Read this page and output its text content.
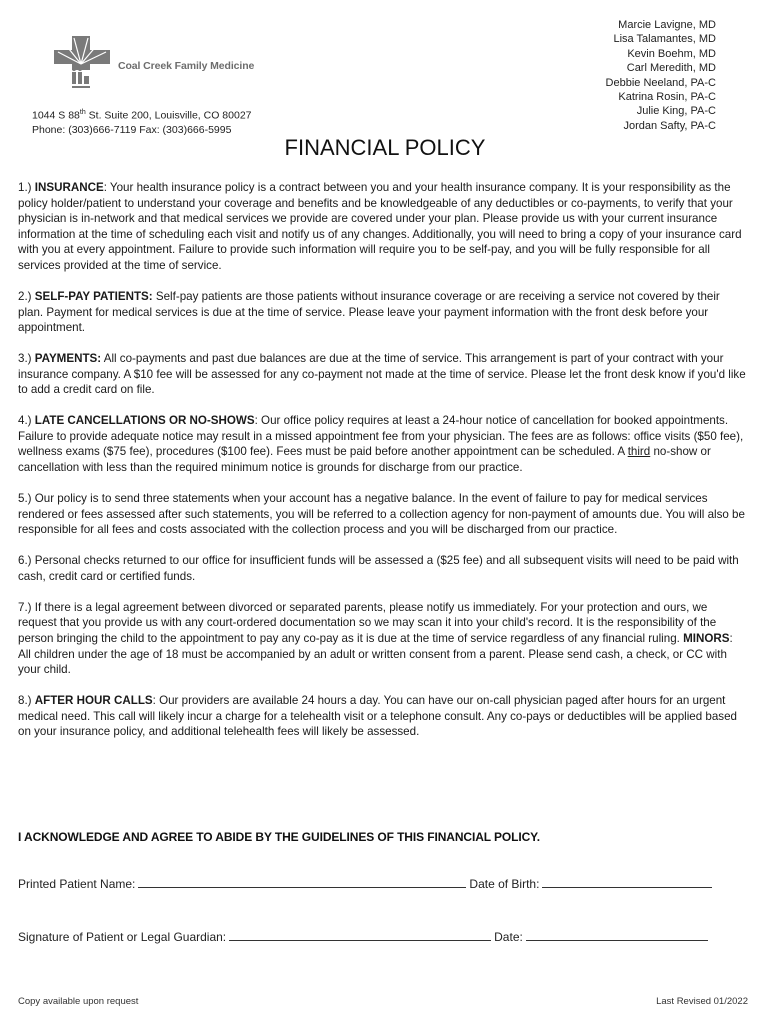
Coal Creek Family Medicine
1044 S 88th St. Suite 200, Louisville, CO 80027
Phone: (303)666-7119 Fax: (303)666-5995
Marcie Lavigne, MD
Lisa Talamantes, MD
Kevin Boehm, MD
Carl Meredith, MD
Debbie Neeland, PA-C
Katrina Rosin, PA-C
Julie King, PA-C
Jordan Safty, PA-C
FINANCIAL POLICY

1.) INSURANCE: Your health insurance policy is a contract between you and your health insurance company. It is your responsibility as the policy holder/patient to understand your coverage and benefits and be knowledgeable of any deductibles or co-payments, to verify that your physician is in-network and that medical services we provide are covered under your plan. Please provide us with your current insurance information at the time of scheduling each visit and notify us of any changes. Additionally, you will need to bring a copy of your insurance card with you at every appointment. Failure to provide such information will require you to be self-pay, and you will be fully responsible for all services provided at the time of service.

2.) SELF-PAY PATIENTS: Self-pay patients are those patients without insurance coverage or are receiving a service not covered by their plan. Payment for medical services is due at the time of service. Please leave your payment information with the front desk before your appointment.

3.) PAYMENTS: All co-payments and past due balances are due at the time of service. This arrangement is part of your contract with your insurance company. A $10 fee will be assessed for any co-payment not made at the time of service. Please let the front desk know if you'd like to add a credit card on file.

4.) LATE CANCELLATIONS OR NO-SHOWS: Our office policy requires at least a 24-hour notice of cancellation for booked appointments. Failure to provide adequate notice may result in a missed appointment fee from your physician. The fees are as follows: office visits ($50 fee), wellness exams ($75 fee), procedures ($100 fee). Fees must be paid before another appointment can be scheduled. A third no-show or cancellation with less than the required minimum notice is grounds for discharge from our practice.

5.) Our policy is to send three statements when your account has a negative balance. In the event of failure to pay for medical services rendered or fees assessed after such statements, you will be referred to a collection agency for non-payment of amounts due. You will also be responsible for all fees and costs associated with the collection process and you will be discharged from our practice.

6.) Personal checks returned to our office for insufficient funds will be assessed a ($25 fee) and all subsequent visits will need to be paid with cash, credit card or certified funds.

7.) If there is a legal agreement between divorced or separated parents, please notify us immediately. For your protection and ours, we request that you provide us with any court-ordered documentation so we may scan it into your child's record. It is the responsibility of the person bringing the child to the appointment to pay any co-pay as it is due at the time of service regardless of any financial ruling. MINORS: All children under the age of 18 must be accompanied by an adult or written consent from a parent. Please send cash, a check, or CC with your child.

8.) AFTER HOUR CALLS: Our providers are available 24 hours a day. You can have our on-call physician paged after hours for an urgent medical need. This call will likely incur a charge for a telehealth visit or a telephone consult. Any co-pays or deductibles will be applied based on your insurance policy, and additional telehealth fees will likely be assessed.

I ACKNOWLEDGE AND AGREE TO ABIDE BY THE GUIDELINES OF THIS FINANCIAL POLICY.
Printed Patient Name:	Date of Birth:
Signature of Patient or Legal Guardian:	Date:
Copy available upon request	Last Revised 01/2022
